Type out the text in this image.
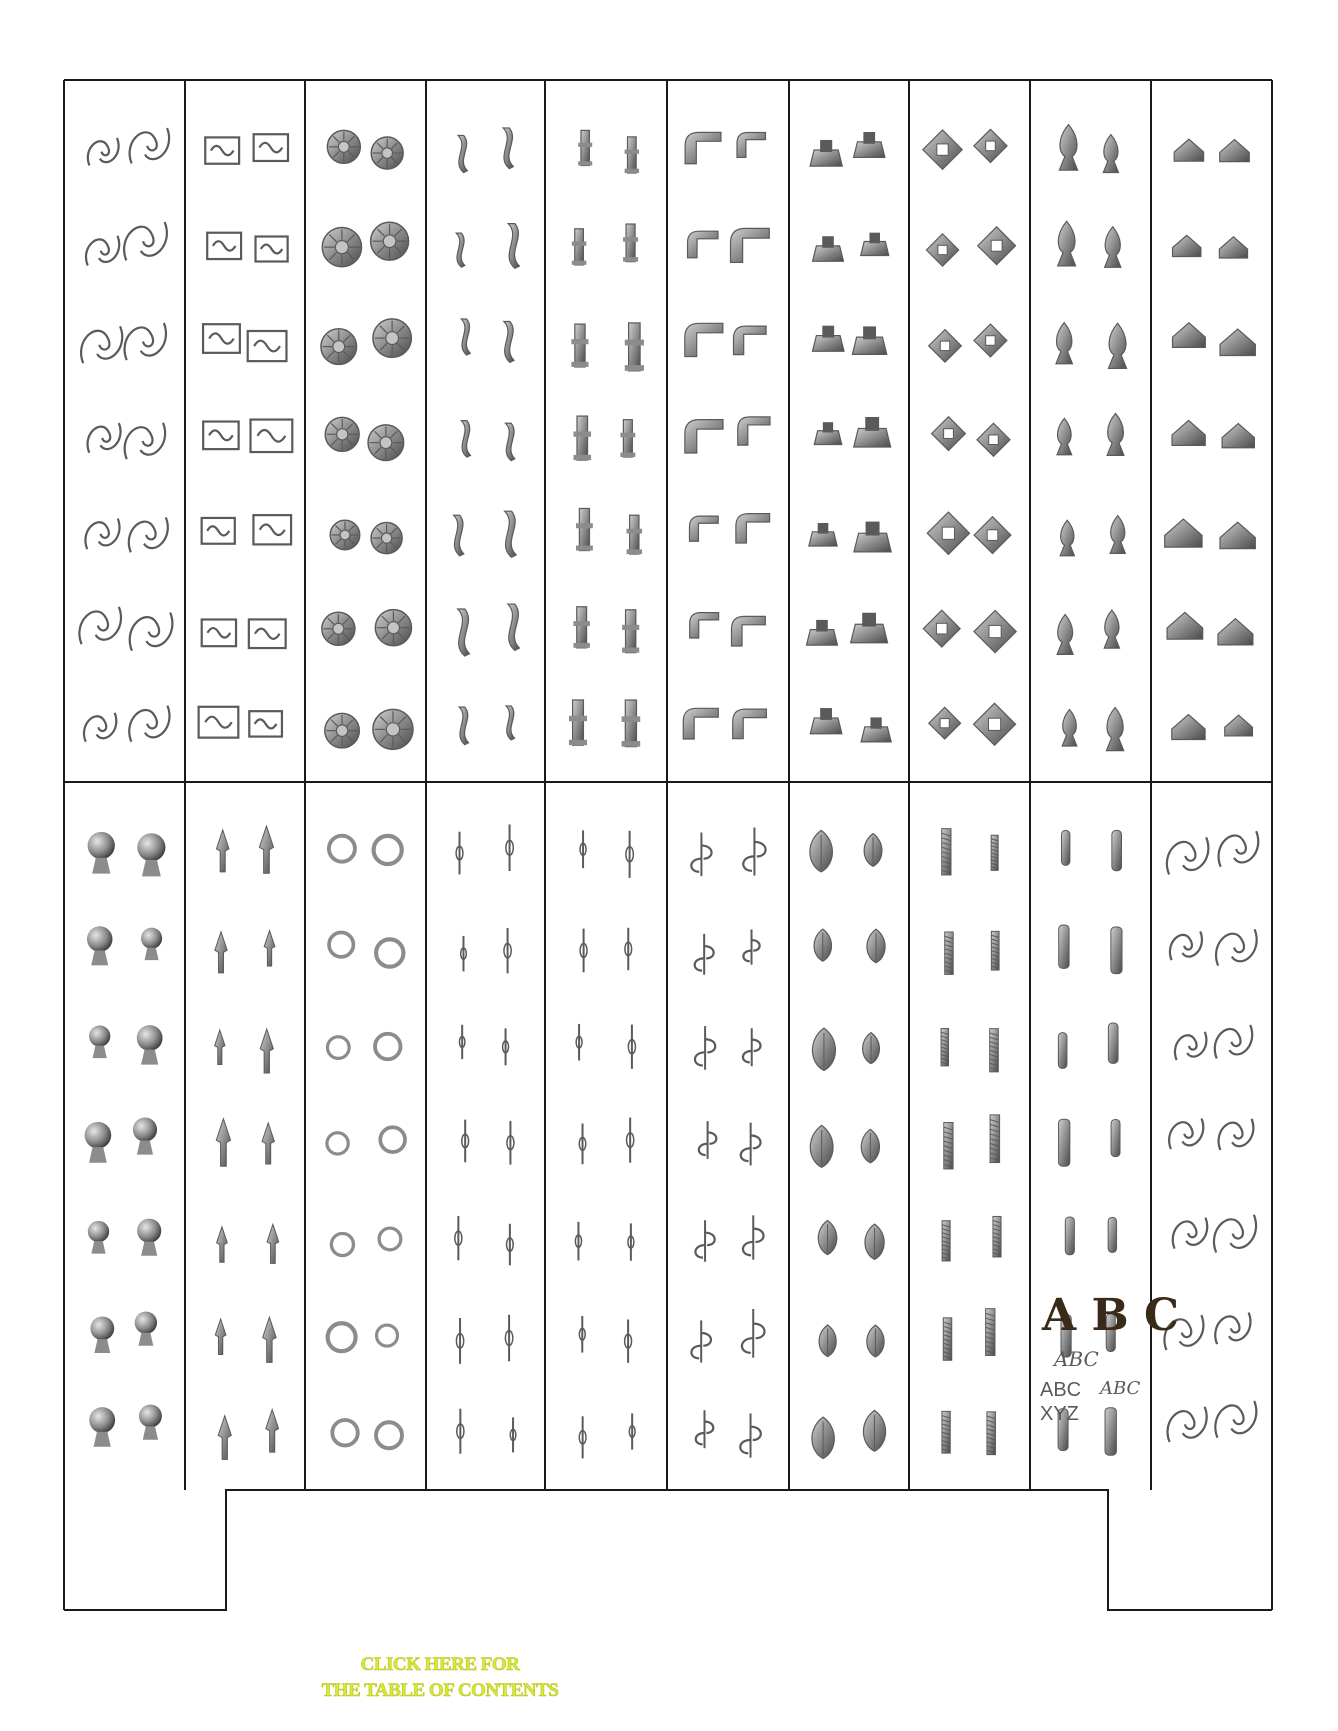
A B C
ABC
ABC ABC
XYZ
CLICK HERE FOR
THE TABLE OF CONTENTS
